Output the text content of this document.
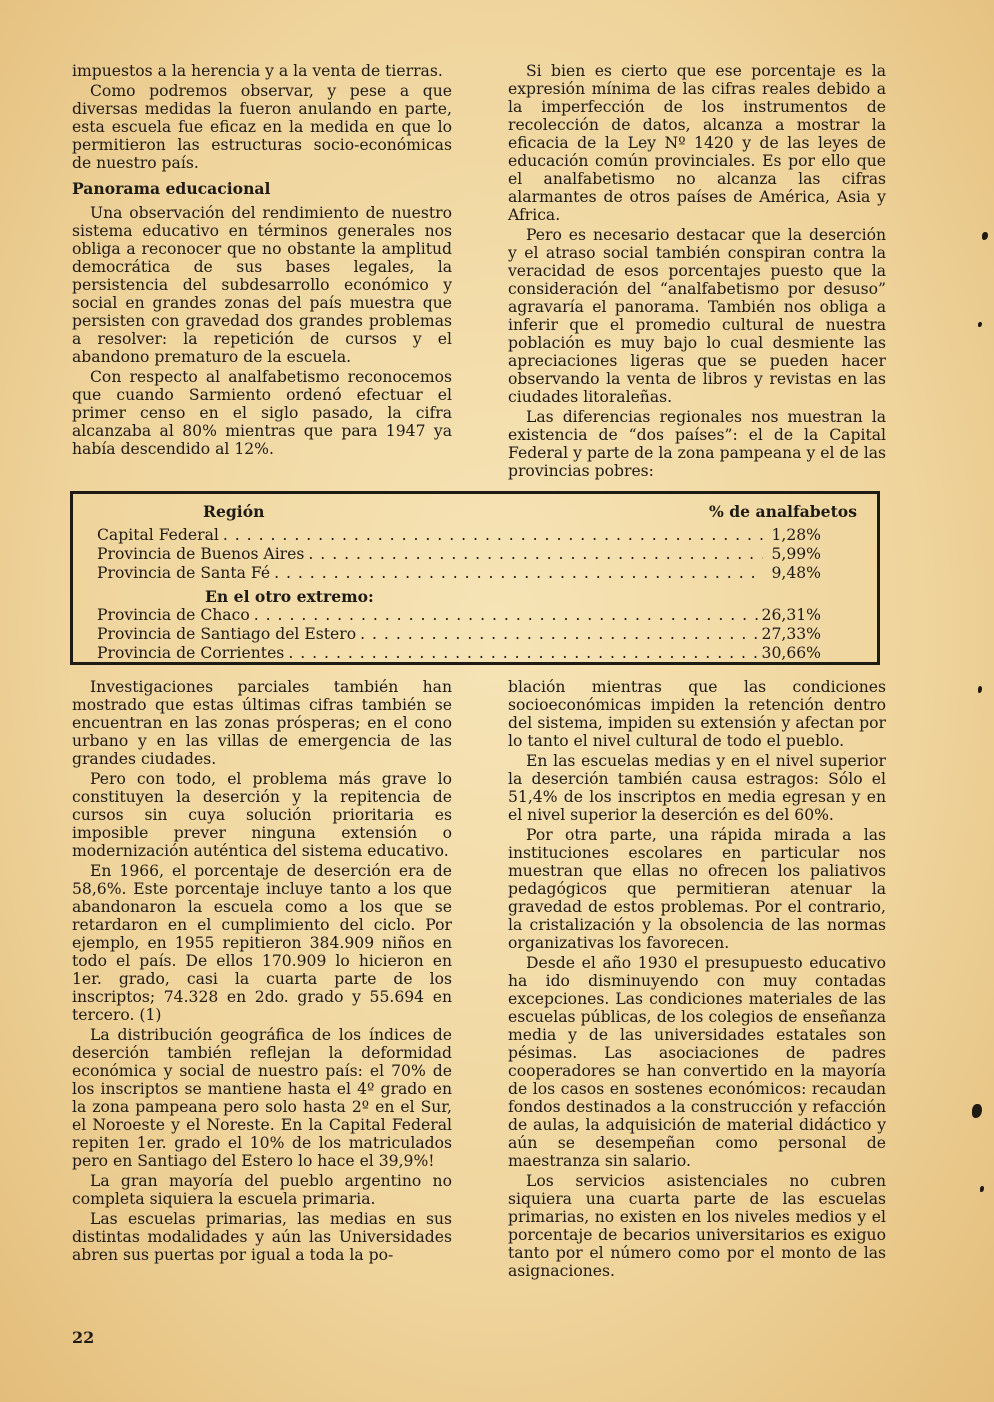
impuestos a la herencia y a la venta de tierras.

Como podremos observar, y pese a que diversas medidas la fueron anulando en parte, esta escuela fue eficaz en la medida en que lo permitieron las estructuras socio-económicas de nuestro país.

Panorama educacional

Una observación del rendimiento de nuestro sistema educativo en términos generales nos obliga a reconocer que no obstante la amplitud democrática de sus bases legales, la persistencia del subdesarrollo económico y social en grandes zonas del país muestra que persisten con gravedad dos grandes problemas a resolver: la repetición de cursos y el abandono prematuro de la escuela.

Con respecto al analfabetismo reconocemos que cuando Sarmiento ordenó efectuar el primer censo en el siglo pasado, la cifra alcanzaba al 80% mientras que para 1947 ya había descendido al 12%.

Si bien es cierto que ese porcentaje es la expresión mínima de las cifras reales debido a la imperfección de los instrumentos de recolección de datos, alcanza a mostrar la eficacia de la Ley Nº 1420 y de las leyes de educación común provinciales. Es por ello que el analfabetismo no alcanza las cifras alarmantes de otros países de América, Asia y Africa.

Pero es necesario destacar que la deserción y el atraso social también conspiran contra la veracidad de esos porcentajes puesto que la consideración del “analfabetismo por desuso” agravaría el panorama. También nos obliga a inferir que el promedio cultural de nuestra población es muy bajo lo cual desmiente las apreciaciones ligeras que se pueden hacer observando la venta de libros y revistas en las ciudades litoraleñas.

Las diferencias regionales nos muestran la existencia de “dos países”: el de la Capital Federal y parte de la zona pampeana y el de las provincias pobres:

Región	% de analfabetos
Capital Federal . . .	1,28%
Provincia de Buenos Aires . . .	5,99%
Provincia de Santa Fé . . .	9,48%
En el otro extremo:
Provincia de Chaco . . .	26,31%
Provincia de Santiago del Estero . . .	27,33%
Provincia de Corrientes . . .	30,66%

Investigaciones parciales también han mostrado que estas últimas cifras también se encuentran en las zonas prósperas; en el cono urbano y en las villas de emergencia de las grandes ciudades.

Pero con todo, el problema más grave lo constituyen la deserción y la repitencia de cursos sin cuya solución prioritaria es imposible prever ninguna extensión o modernización auténtica del sistema educativo.

En 1966, el porcentaje de deserción era de 58,6%. Este porcentaje incluye tanto a los que abandonaron la escuela como a los que se retardaron en el cumplimiento del ciclo. Por ejemplo, en 1955 repitieron 384.909 niños en todo el país. De ellos 170.909 lo hicieron en 1er. grado, casi la cuarta parte de los inscriptos; 74.328 en 2do. grado y 55.694 en tercero. (1)

La distribución geográfica de los índices de deserción también reflejan la deformidad económica y social de nuestro país: el 70% de los inscriptos se mantiene hasta el 4º grado en la zona pampeana pero solo hasta 2º en el Sur, el Noroeste y el Noreste. En la Capital Federal repiten 1er. grado el 10% de los matriculados pero en Santiago del Estero lo hace el 39,9%!

La gran mayoría del pueblo argentino no completa siquiera la escuela primaria.

Las escuelas primarias, las medias en sus distintas modalidades y aún las Universidades abren sus puertas por igual a toda la po-

blación mientras que las condiciones socioeconómicas impiden la retención dentro del sistema, impiden su extensión y afectan por lo tanto el nivel cultural de todo el pueblo.

En las escuelas medias y en el nivel superior la deserción también causa estragos: Sólo el 51,4% de los inscriptos en media egresan y en el nivel superior la deserción es del 60%.

Por otra parte, una rápida mirada a las instituciones escolares en particular nos muestran que ellas no ofrecen los paliativos pedagógicos que permitieran atenuar la gravedad de estos problemas. Por el contrario, la cristalización y la obsolencia de las normas organizativas los favorecen.

Desde el año 1930 el presupuesto educativo ha ido disminuyendo con muy contadas excepciones. Las condiciones materiales de las escuelas públicas, de los colegios de enseñanza media y de las universidades estatales son pésimas. Las asociaciones de padres cooperadores se han convertido en la mayoría de los casos en sostenes económicos: recaudan fondos destinados a la construcción y refacción de aulas, la adquisición de material didáctico y aún se desempeñan como personal de maestranza sin salario.

Los servicios asistenciales no cubren siquiera una cuarta parte de las escuelas primarias, no existen en los niveles medios y el porcentaje de becarios universitarios es exiguo tanto por el número como por el monto de las asignaciones.

22
